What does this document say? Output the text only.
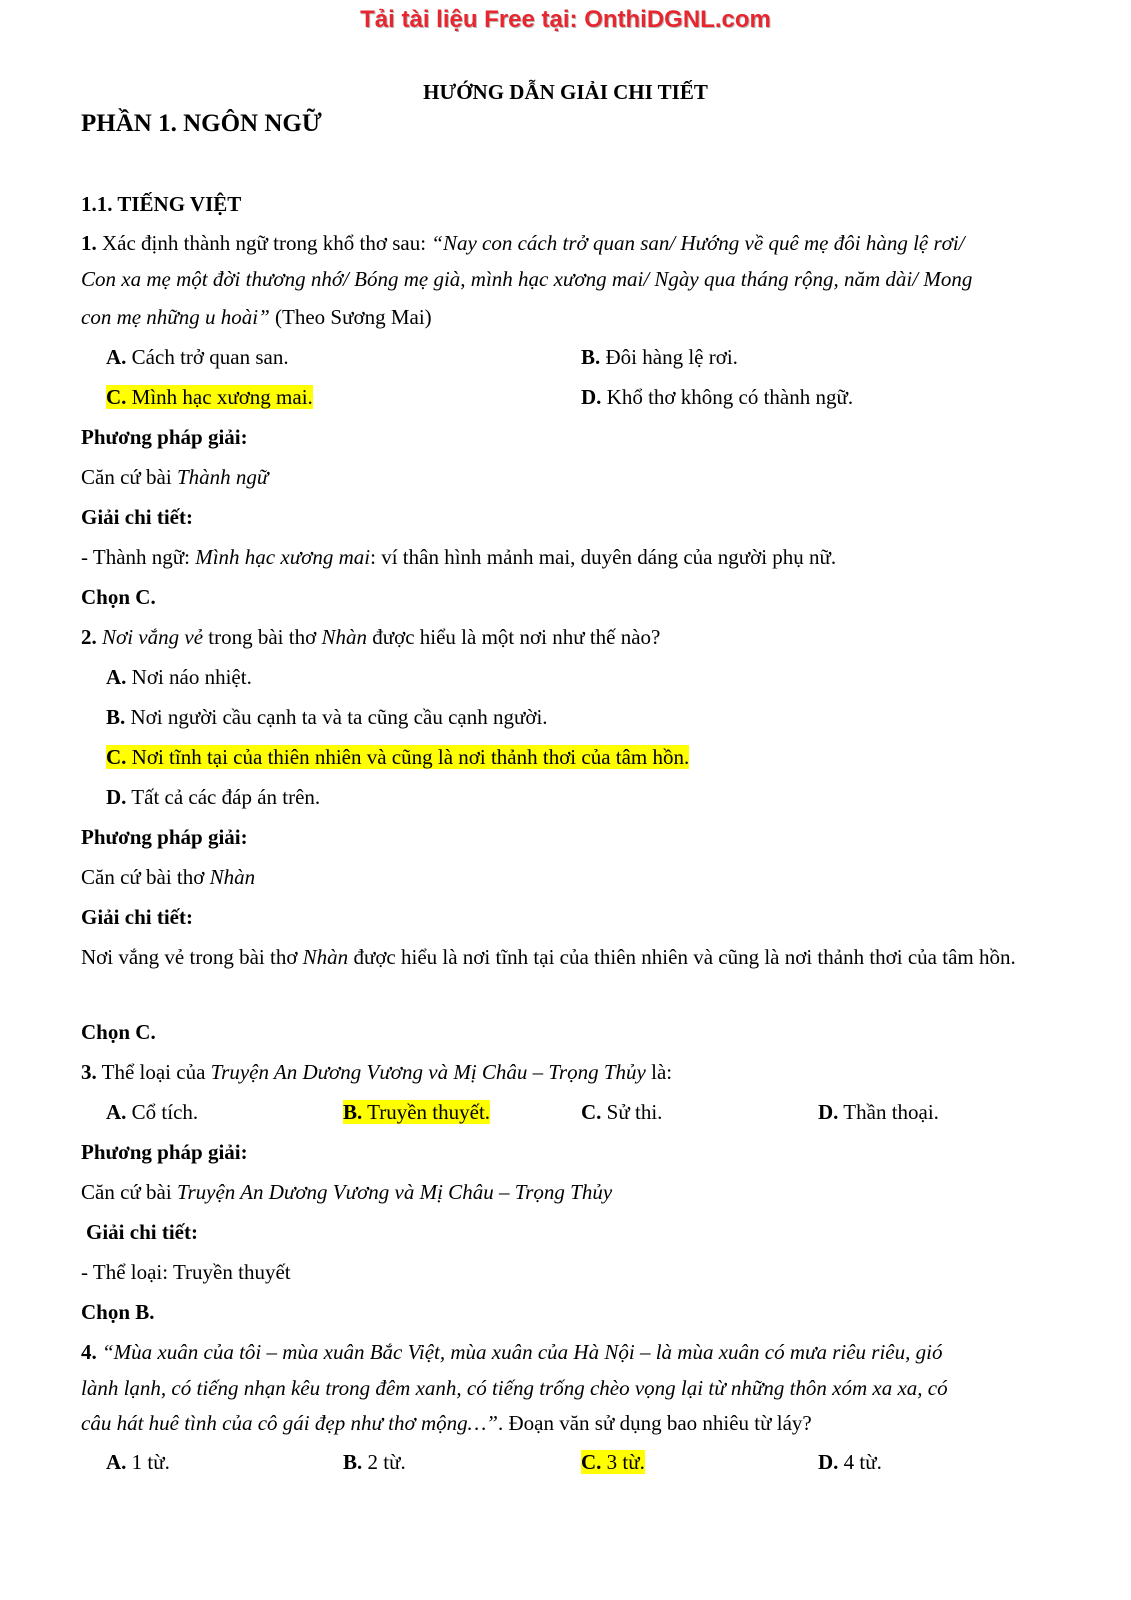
Tải tài liệu Free tại: OnthiDGNL.com
HƯỚNG DẪN GIẢI CHI TIẾT
PHẦN 1. NGÔN NGỮ
1.1. TIẾNG VIỆT
1. Xác định thành ngữ trong khổ thơ sau: “Nay con cách trở quan san/ Hướng về quê mẹ đôi hàng lệ rơi/
Con xa mẹ một đời thương nhớ/ Bóng mẹ già, mình hạc xương mai/ Ngày qua tháng rộng, năm dài/ Mong
con mẹ những u hoài” (Theo Sương Mai)
A. Cách trở quan san.	B. Đôi hàng lệ rơi.
C. Mình hạc xương mai.	D. Khổ thơ không có thành ngữ.
Phương pháp giải:
Căn cứ bài Thành ngữ
Giải chi tiết:
- Thành ngữ: Mình hạc xương mai: ví thân hình mảnh mai, duyên dáng của người phụ nữ.
Chọn C.
2. Nơi vắng vẻ trong bài thơ Nhàn được hiểu là một nơi như thế nào?
A. Nơi náo nhiệt.
B. Nơi người cầu cạnh ta và ta cũng cầu cạnh người.
C. Nơi tĩnh tại của thiên nhiên và cũng là nơi thảnh thơi của tâm hồn.
D. Tất cả các đáp án trên.
Phương pháp giải:
Căn cứ bài thơ Nhàn
Giải chi tiết:
Nơi vắng vẻ trong bài thơ Nhàn được hiểu là nơi tĩnh tại của thiên nhiên và cũng là nơi thảnh thơi của tâm hồn.
Chọn C.
3. Thể loại của Truyện An Dương Vương và Mị Châu – Trọng Thủy là:
A. Cổ tích.	B. Truyền thuyết.	C. Sử thi.	D. Thần thoại.
Phương pháp giải:
Căn cứ bài Truyện An Dương Vương và Mị Châu – Trọng Thủy
Giải chi tiết:
- Thể loại: Truyền thuyết
Chọn B.
4. “Mùa xuân của tôi – mùa xuân Bắc Việt, mùa xuân của Hà Nội – là mùa xuân có mưa riêu riêu, gió
lành lạnh, có tiếng nhạn kêu trong đêm xanh, có tiếng trống chèo vọng lại từ những thôn xóm xa xa, có
câu hát huê tình của cô gái đẹp như thơ mộng…”. Đoạn văn sử dụng bao nhiêu từ láy?
A. 1 từ.	B. 2 từ.	C. 3 từ.	D. 4 từ.
